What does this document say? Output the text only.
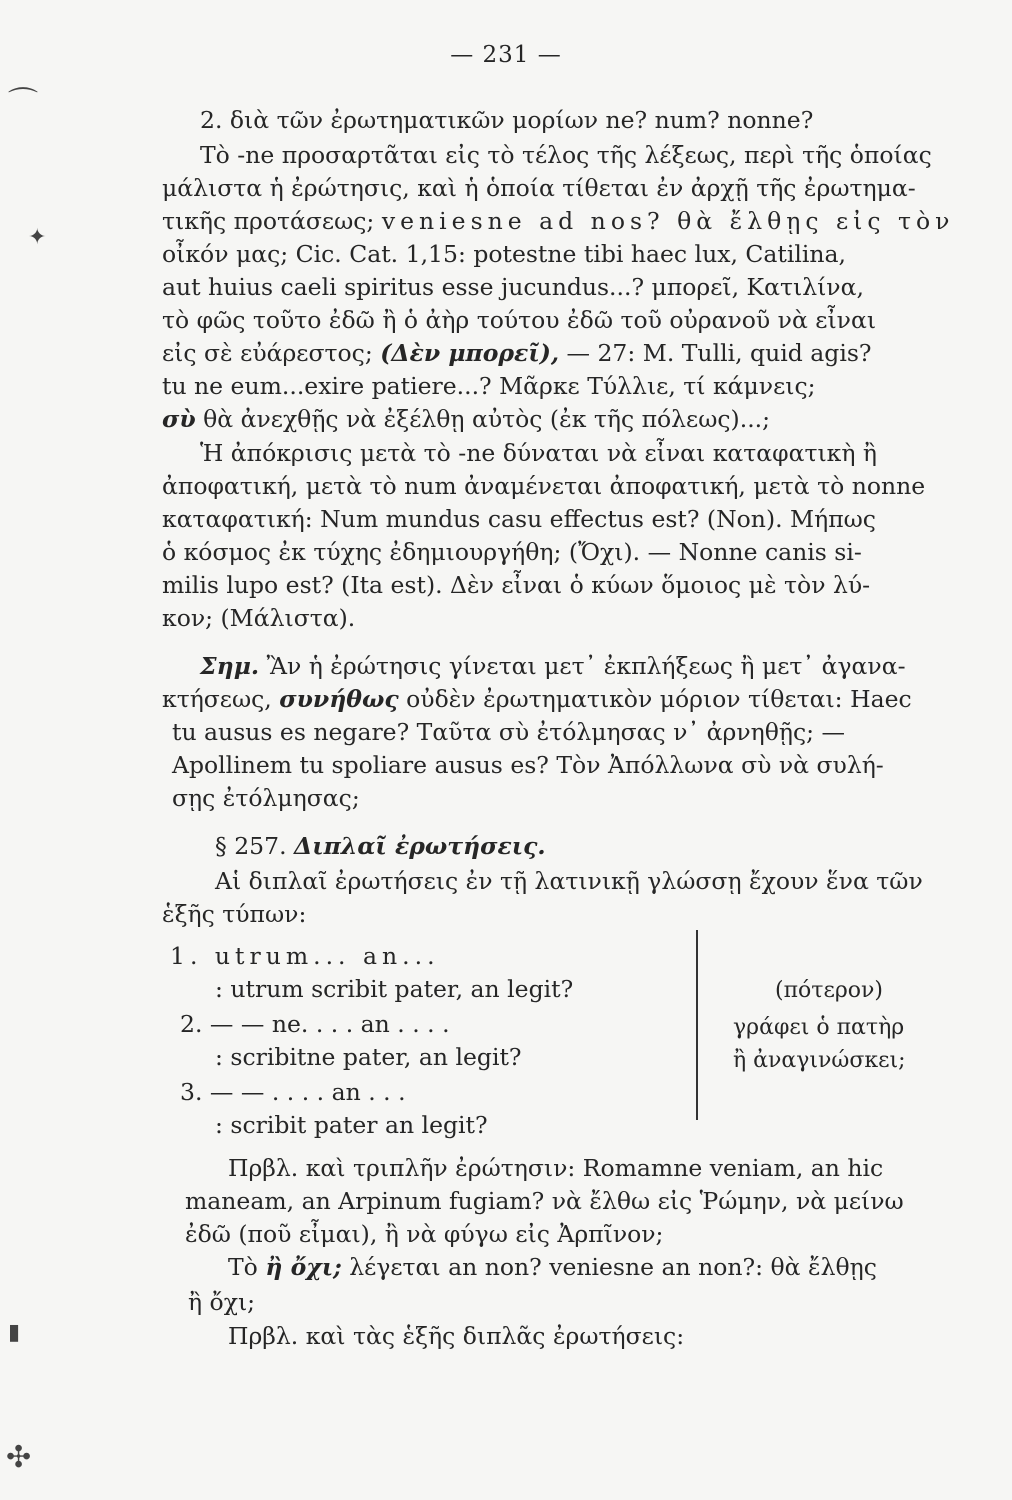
— 231 —
2. διὰ τῶν ἐρωτηματικῶν μορίων ne? num? nonne?
Τὸ -ne προσαρτᾶται εἰς τὸ τέλος τῆς λέξεως, περὶ τῆς ὁποίας
μάλιστα ἡ ἐρώτησις, καὶ ἡ ὁποία τίθεται ἐν ἀρχῇ τῆς ἐρωτημα-
τικῆς προτάσεως; veniesne ad nos? θὰ ἔλθῃς εἰς τὸν
οἶκόν μας; Cic. Cat. 1,15: potestne tibi haec lux, Catilina,
aut huius caeli spiritus esse jucundus...? μπορεῖ, Κατιλίνα,
τὸ φῶς τοῦτο ἐδῶ ἢ ὁ ἀὴρ τούτου ἐδῶ τοῦ οὐρανοῦ νὰ εἶναι
εἰς σὲ εὐάρεστος; (Δὲν μπορεῖ), — 27: M. Tulli, quid agis?
tu ne eum...exire patiere...? Μᾶρκε Τύλλιε, τί κάμνεις;
σὺ θὰ ἀνεχθῇς νὰ ἐξέλθῃ αὐτὸς (ἐκ τῆς πόλεως)...;
Ἡ ἀπόκρισις μετὰ τὸ -ne δύναται νὰ εἶναι καταφατικὴ ἢ
ἀποφατική, μετὰ τὸ num ἀναμένεται ἀποφατική, μετὰ τὸ nonne
καταφατική: Num mundus casu effectus est? (Non). Μήπως
ὁ κόσμος ἐκ τύχης ἐδημιουργήθη; (Ὄχι). — Nonne canis si-
milis lupo est? (Ita est). Δὲν εἶναι ὁ κύων ὅμοιος μὲ τὸν λύ-
κον; (Μάλιστα).
Σημ. Ἂν ἡ ἐρώτησις γίνεται μετ᾽ ἐκπλήξεως ἢ μετ᾽ ἀγανα-
κτήσεως, συνήθως οὐδὲν ἐρωτηματικὸν μόριον τίθεται: Haec
tu ausus es negare? Ταῦτα σὺ ἐτόλμησας ν᾽ ἀρνηθῇς; —
Apollinem tu spoliare ausus es? Τὸν Ἀπόλλωνα σὺ νὰ συλή-
σῃς ἐτόλμησας;
§ 257. Διπλαῖ ἐρωτήσεις.
Αἱ διπλαῖ ἐρωτήσεις ἐν τῇ λατινικῇ γλώσσῃ ἔχουν ἕνα τῶν
ἑξῆς τύπων:
1. utrum... an...
: utrum scribit pater, an legit?
2. — — ne. . . . an . . . .
: scribitne pater, an legit?
3. — — . . . . an . . .
: scribit pater an legit?
(πότερον)
γράφει ὁ πατὴρ
ἢ ἀναγινώσκει;
Πρβλ. καὶ τριπλῆν ἐρώτησιν: Romamne veniam, an hic
maneam, an Arpinum fugiam? νὰ ἔλθω εἰς Ῥώμην, νὰ μείνω
ἐδῶ (ποῦ εἶμαι), ἢ νὰ φύγω εἰς Ἀρπῖνον;
Τὸ ἢ ὄχι; λέγεται an non? veniesne an non?: θὰ ἔλθῃς
ἢ ὄχι;
Πρβλ. καὶ τὰς ἑξῆς διπλᾶς ἐρωτήσεις:
⌒
✦
▮
✣
